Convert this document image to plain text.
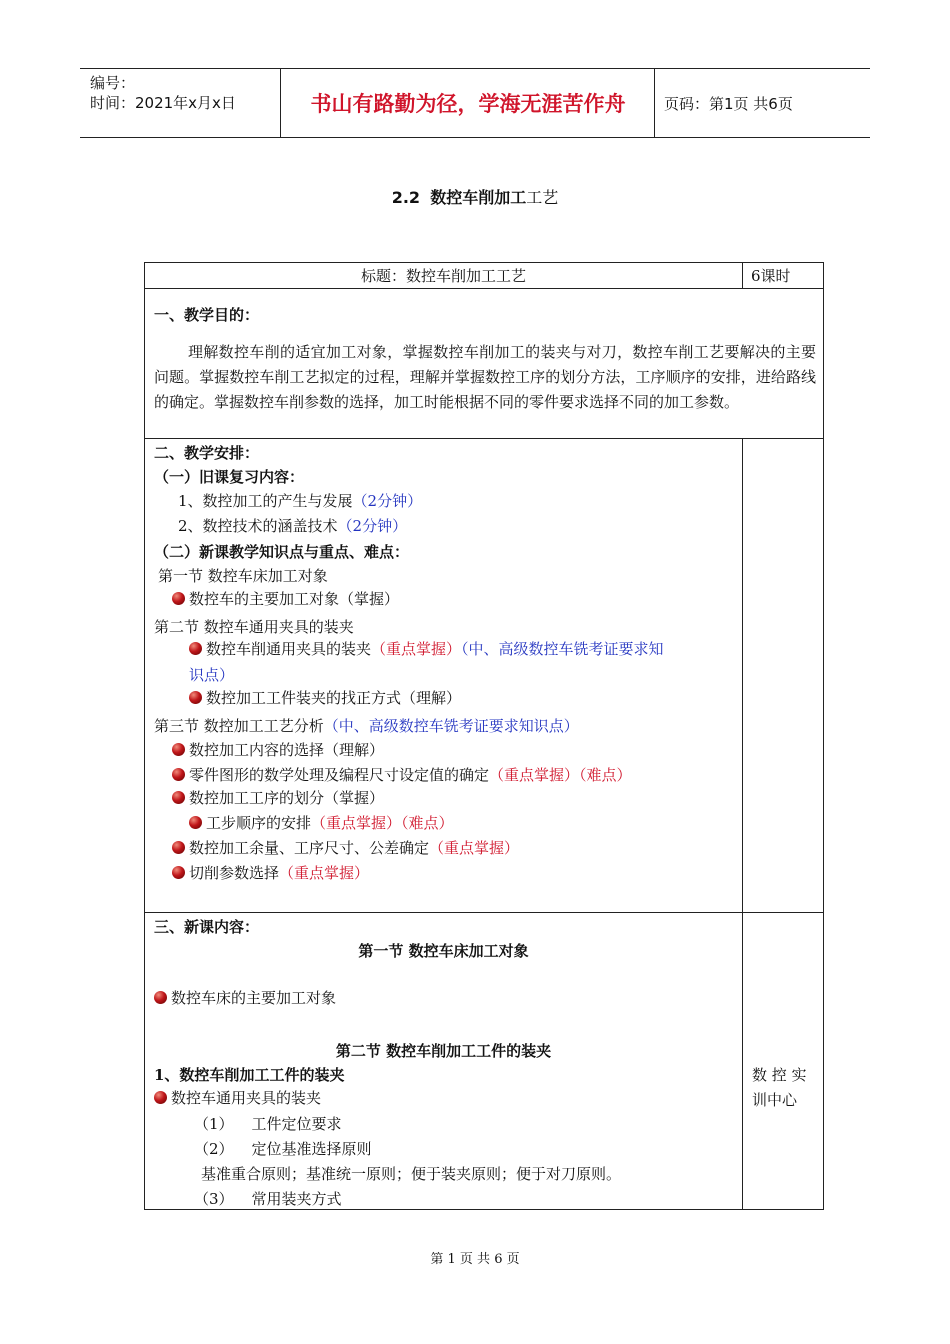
编号：
时间：2021年x月x日	书山有路勤为径，学海无涯苦作舟	页码：第1页 共6页
2.2 数控车削加工工艺
标题：数控车削加工工艺	6课时
一、教学目的：
理解数控车削的适宜加工对象，掌握数控车削加工的装夹与对刀，数控车削工艺要解决的主要问题。掌握数控车削工艺拟定的过程，理解并掌握数控工序的划分方法，工序顺序的安排，进给路线的确定。掌握数控车削参数的选择，加工时能根据不同的零件要求选择不同的加工参数。
二、教学安排：
（一）旧课复习内容：
1、数控加工的产生与发展（2分钟）
2、数控技术的涵盖技术（2分钟）
（二）新课教学知识点与重点、难点：
第一节 数控车床加工对象
数控车的主要加工对象（掌握）
第二节 数控车通用夹具的装夹
数控车削通用夹具的装夹（重点掌握）（中、高级数控车铣考证要求知
识点）
数控加工工件装夹的找正方式（理解）
第三节 数控加工工艺分析（中、高级数控车铣考证要求知识点）
数控加工内容的选择（理解）
零件图形的数学处理及编程尺寸设定值的确定（重点掌握）（难点）
数控加工工序的划分（掌握）
工步顺序的安排（重点掌握）（难点）
数控加工余量、工序尺寸、公差确定（重点掌握）
切削参数选择（重点掌握）
三、新课内容：
第一节 数控车床加工对象
数控车床的主要加工对象
第二节 数控车削加工工件的装夹
1、数控车削加工工件的装夹
数控车通用夹具的装夹
（1） 工件定位要求
（2） 定位基准选择原则
基准重合原则；基准统一原则；便于装夹原则；便于对刀原则。
（3） 常用装夹方式
数 控 实
训中心
第 1 页 共 6 页
